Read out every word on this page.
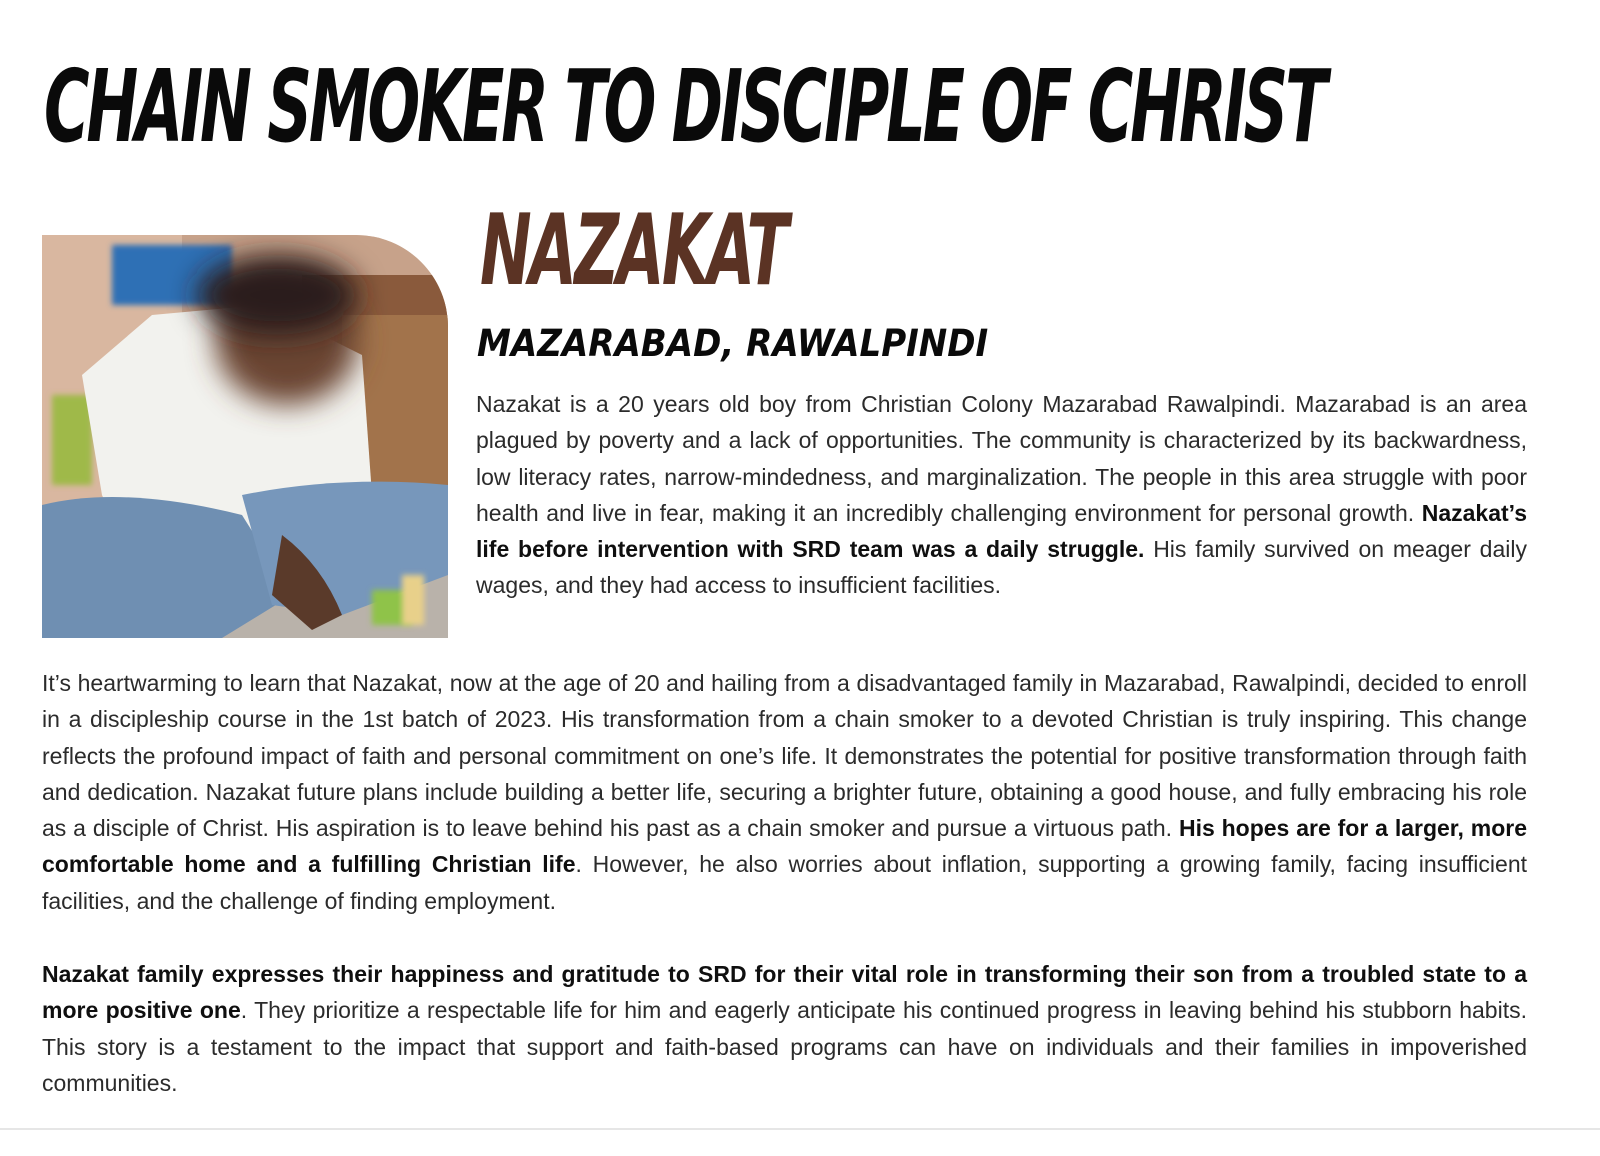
CHAIN SMOKER TO DISCIPLE OF CHRIST
NAZAKAT
MAZARABAD, RAWALPINDI

Nazakat is a 20 years old boy from Christian Colony Mazarabad Rawalpindi. Mazarabad is an area plagued by poverty and a lack of opportunities. The community is characterized by its backwardness, low literacy rates, narrow-mindedness, and marginalization. The people in this area struggle with poor health and live in fear, making it an incredibly challenging environment for personal growth. Nazakat’s life before intervention with SRD team was a daily struggle. His family survived on meager daily wages, and they had access to insufficient facilities.

It’s heartwarming to learn that Nazakat, now at the age of 20 and hailing from a disadvantaged family in Mazarabad, Rawalpindi, decided to enroll in a discipleship course in the 1st batch of 2023. His transformation from a chain smoker to a devoted Christian is truly inspiring. This change reflects the profound impact of faith and personal commitment on one’s life. It demonstrates the potential for positive transformation through faith and dedication. Nazakat future plans include building a better life, securing a brighter future, obtaining a good house, and fully embracing his role as a disciple of Christ. His aspiration is to leave behind his past as a chain smoker and pursue a virtuous path. His hopes are for a larger, more comfortable home and a fulfilling Christian life. However, he also worries about inflation, supporting a growing family, facing insufficient facilities, and the challenge of finding employment.

Nazakat family expresses their happiness and gratitude to SRD for their vital role in transforming their son from a troubled state to a more positive one. They prioritize a respectable life for him and eagerly anticipate his continued progress in leaving behind his stubborn habits. This story is a testament to the impact that support and faith-based programs can have on individuals and their families in impoverished communities.
